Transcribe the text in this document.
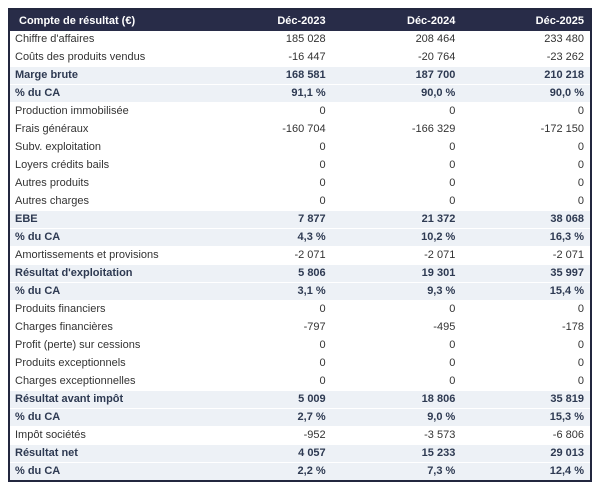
Compte de résultat (€)	Déc-2023	Déc-2024	Déc-2025
Chiffre d'affaires	185 028	208 464	233 480
Coûts des produits vendus	-16 447	-20 764	-23 262
Marge brute	168 581	187 700	210 218
% du CA	91,1 %	90,0 %	90,0 %
Production immobilisée	0	0	0
Frais généraux	-160 704	-166 329	-172 150
Subv. exploitation	0	0	0
Loyers crédits bails	0	0	0
Autres produits	0	0	0
Autres charges	0	0	0
EBE	7 877	21 372	38 068
% du CA	4,3 %	10,2 %	16,3 %
Amortissements et provisions	-2 071	-2 071	-2 071
Résultat d'exploitation	5 806	19 301	35 997
% du CA	3,1 %	9,3 %	15,4 %
Produits financiers	0	0	0
Charges financières	-797	-495	-178
Profit (perte) sur cessions	0	0	0
Produits exceptionnels	0	0	0
Charges exceptionnelles	0	0	0
Résultat avant impôt	5 009	18 806	35 819
% du CA	2,7 %	9,0 %	15,3 %
Impôt sociétés	-952	-3 573	-6 806
Résultat net	4 057	15 233	29 013
% du CA	2,2 %	7,3 %	12,4 %
